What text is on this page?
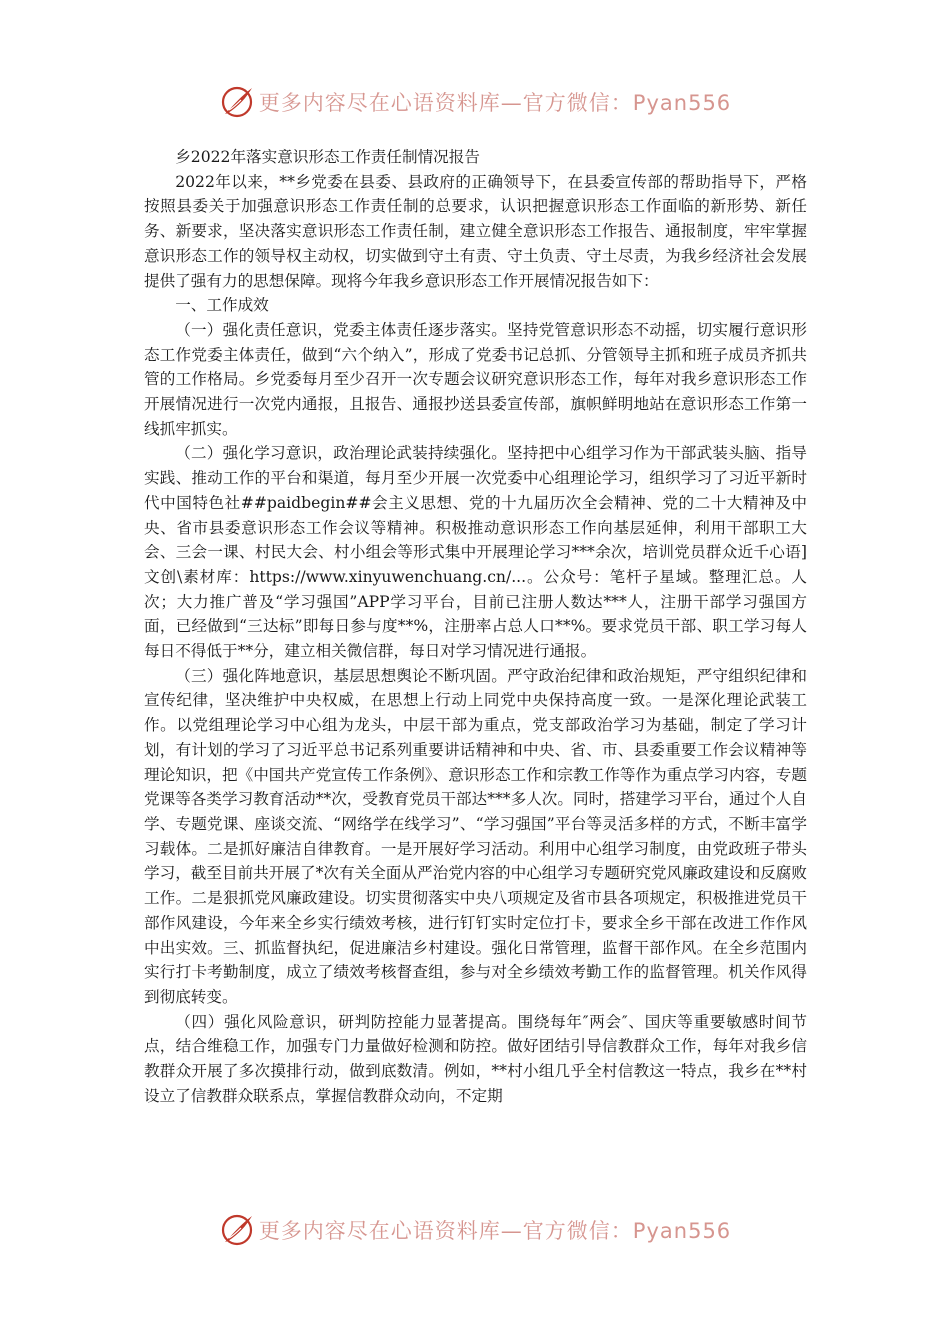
更多内容尽在心语资料库—官方微信：Pyan556

乡2022年落实意识形态工作责任制情况报告

2022年以来，**乡党委在县委、县政府的正确领导下，在县委宣传部的帮助指导下，严格按照县委关于加强意识形态工作责任制的总要求，认识把握意识形态工作面临的新形势、新任务、新要求，坚决落实意识形态工作责任制，建立健全意识形态工作报告、通报制度，牢牢掌握意识形态工作的领导权主动权，切实做到守土有责、守土负责、守土尽责，为我乡经济社会发展提供了强有力的思想保障。现将今年我乡意识形态工作开展情况报告如下：

一、工作成效

（一）强化责任意识，党委主体责任逐步落实。坚持党管意识形态不动摇，切实履行意识形态工作党委主体责任，做到“六个纳入”，形成了党委书记总抓、分管领导主抓和班子成员齐抓共管的工作格局。乡党委每月至少召开一次专题会议研究意识形态工作，每年对我乡意识形态工作开展情况进行一次党内通报，且报告、通报抄送县委宣传部，旗帜鲜明地站在意识形态工作第一线抓牢抓实。

（二）强化学习意识，政治理论武装持续强化。坚持把中心组学习作为干部武装头脑、指导实践、推动工作的平台和渠道，每月至少开展一次党委中心组理论学习，组织学习了习近平新时代中国特色社##paidbegin##会主义思想、党的十九届历次全会精神、党的二十大精神及中央、省市县委意识形态工作会议等精神。积极推动意识形态工作向基层延伸，利用干部职工大会、三会一课、村民大会、村小组会等形式集中开展理论学习***余次，培训党员群众近千心语]文创\素材库：https://www.xinyuwenchuang.cn/...。公众号：笔杆子星域。整理汇总。人次；大力推广普及“学习强国”APP学习平台，目前已注册人数达***人，注册干部学习强国方面，已经做到“三达标”即每日参与度**%，注册率占总人口**%。要求党员干部、职工学习每人每日不得低于**分，建立相关微信群，每日对学习情况进行通报。

（三）强化阵地意识，基层思想舆论不断巩固。严守政治纪律和政治规矩，严守组织纪律和宣传纪律，坚决维护中央权威，在思想上行动上同党中央保持高度一致。一是深化理论武装工作。以党组理论学习中心组为龙头，中层干部为重点，党支部政治学习为基础，制定了学习计划，有计划的学习了习近平总书记系列重要讲话精神和中央、省、市、县委重要工作会议精神等理论知识，把《中国共产党宣传工作条例》、意识形态工作和宗教工作等作为重点学习内容，专题党课等各类学习教育活动**次，受教育党员干部达***多人次。同时，搭建学习平台，通过个人自学、专题党课、座谈交流、“网络学在线学习”、“学习强国”平台等灵活多样的方式，不断丰富学习载体。二是抓好廉洁自律教育。一是开展好学习活动。利用中心组学习制度，由党政班子带头学习，截至目前共开展了*次有关全面从严治党内容的中心组学习专题研究党风廉政建设和反腐败工作。二是狠抓党风廉政建设。切实贯彻落实中央八项规定及省市县各项规定，积极推进党员干部作风建设，今年来全乡实行绩效考核，进行钉钉实时定位打卡，要求全乡干部在改进工作作风中出实效。三、抓监督执纪，促进廉洁乡村建设。强化日常管理，监督干部作风。在全乡范围内实行打卡考勤制度，成立了绩效考核督查组，参与对全乡绩效考勤工作的监督管理。机关作风得到彻底转变。

（四）强化风险意识，研判防控能力显著提高。围绕每年″两会″、国庆等重要敏感时间节点，结合维稳工作，加强专门力量做好检测和防控。做好团结引导信教群众工作，每年对我乡信教群众开展了多次摸排行动，做到底数清。例如，**村小组几乎全村信教这一特点，我乡在**村设立了信教群众联系点，掌握信教群众动向，不定期

更多内容尽在心语资料库—官方微信：Pyan556
